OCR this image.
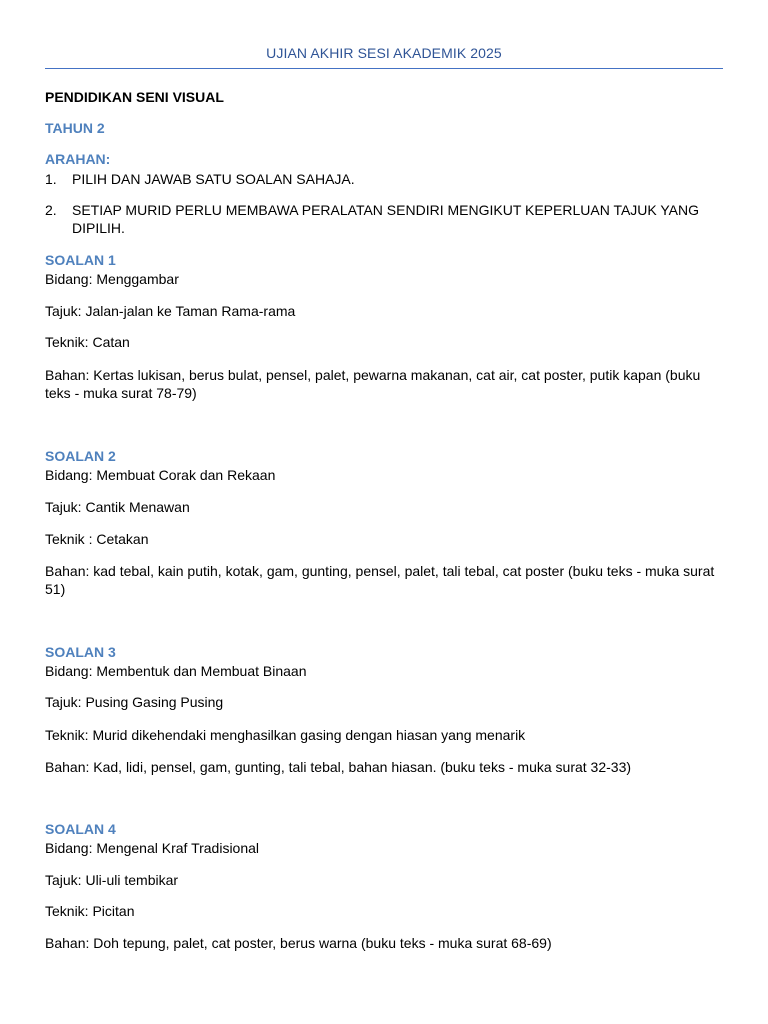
UJIAN AKHIR SESI AKADEMIK 2025
PENDIDIKAN SENI VISUAL
TAHUN 2
ARAHAN:
1.	PILIH DAN JAWAB SATU SOALAN SAHAJA.
2.	SETIAP MURID PERLU MEMBAWA PERALATAN SENDIRI MENGIKUT KEPERLUAN TAJUK YANG DIPILIH.
SOALAN 1
Bidang: Menggambar
Tajuk: Jalan-jalan ke Taman Rama-rama
Teknik: Catan
Bahan: Kertas lukisan, berus bulat, pensel, palet, pewarna makanan, cat air, cat poster, putik kapan (buku teks - muka surat 78-79)
SOALAN 2
Bidang: Membuat Corak dan Rekaan
Tajuk: Cantik Menawan
Teknik : Cetakan
Bahan: kad tebal, kain putih, kotak, gam, gunting, pensel, palet, tali tebal, cat poster (buku teks - muka surat 51)
SOALAN 3
Bidang: Membentuk dan Membuat Binaan
Tajuk: Pusing Gasing Pusing
Teknik: Murid dikehendaki menghasilkan gasing dengan hiasan yang menarik
Bahan: Kad, lidi, pensel, gam, gunting, tali tebal, bahan hiasan. (buku teks - muka surat 32-33)
SOALAN 4
Bidang: Mengenal Kraf Tradisional
Tajuk: Uli-uli tembikar
Teknik: Picitan
Bahan: Doh tepung, palet, cat poster, berus warna (buku teks - muka surat 68-69)
